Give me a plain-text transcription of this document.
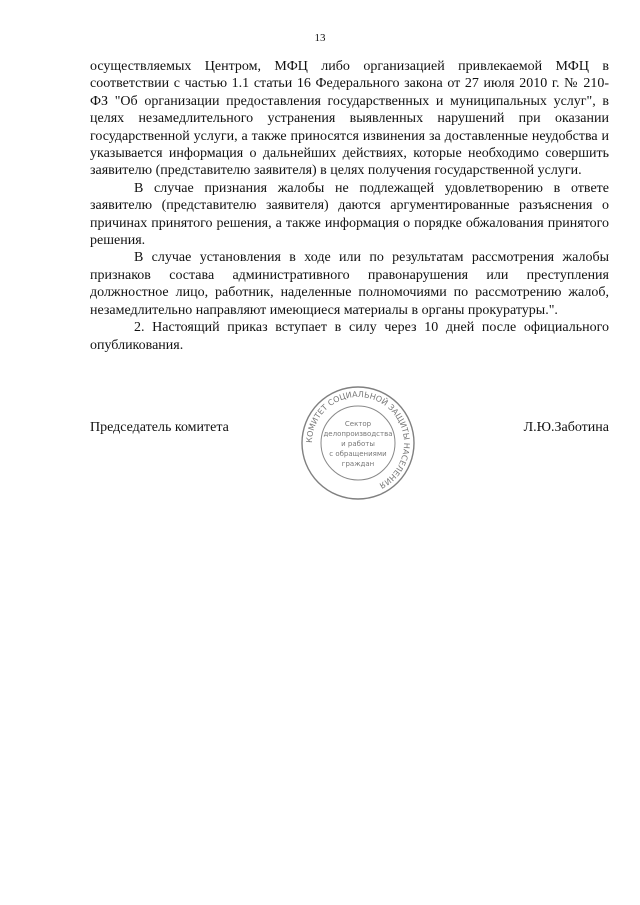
13

осуществляемых Центром, МФЦ либо организацией привлекаемой МФЦ в соответствии с частью 1.1 статьи 16 Федерального закона от 27 июля 2010 г. № 210-ФЗ "Об организации предоставления государственных и муниципальных услуг", в целях незамедлительного устранения выявленных нарушений при оказании государственной услуги, а также приносятся извинения за доставленные неудобства и указывается информация о дальнейших действиях, которые необходимо совершить заявителю (представителю заявителя) в целях получения государственной услуги.

В случае признания жалобы не подлежащей удовлетворению в ответе заявителю (представителю заявителя) даются аргументированные разъяснения о причинах принятого решения, а также информация о порядке обжалования принятого решения.

В случае установления в ходе или по результатам рассмотрения жалобы признаков состава административного правонарушения или преступления должностное лицо, работник, наделенные полномочиями по рассмотрению жалоб, незамедлительно направляют имеющиеся материалы в органы прокуратуры.".

2. Настоящий приказ вступает в силу через 10 дней после официального опубликования.

Председатель комитета	Л.Ю.Заботина
КОМИТЕТ СОЦИАЛЬНОЙ ЗАЩИТЫ НАСЕЛЕНИЯ
Сектор
делопроизводства
и работы
с обращениями
граждан
